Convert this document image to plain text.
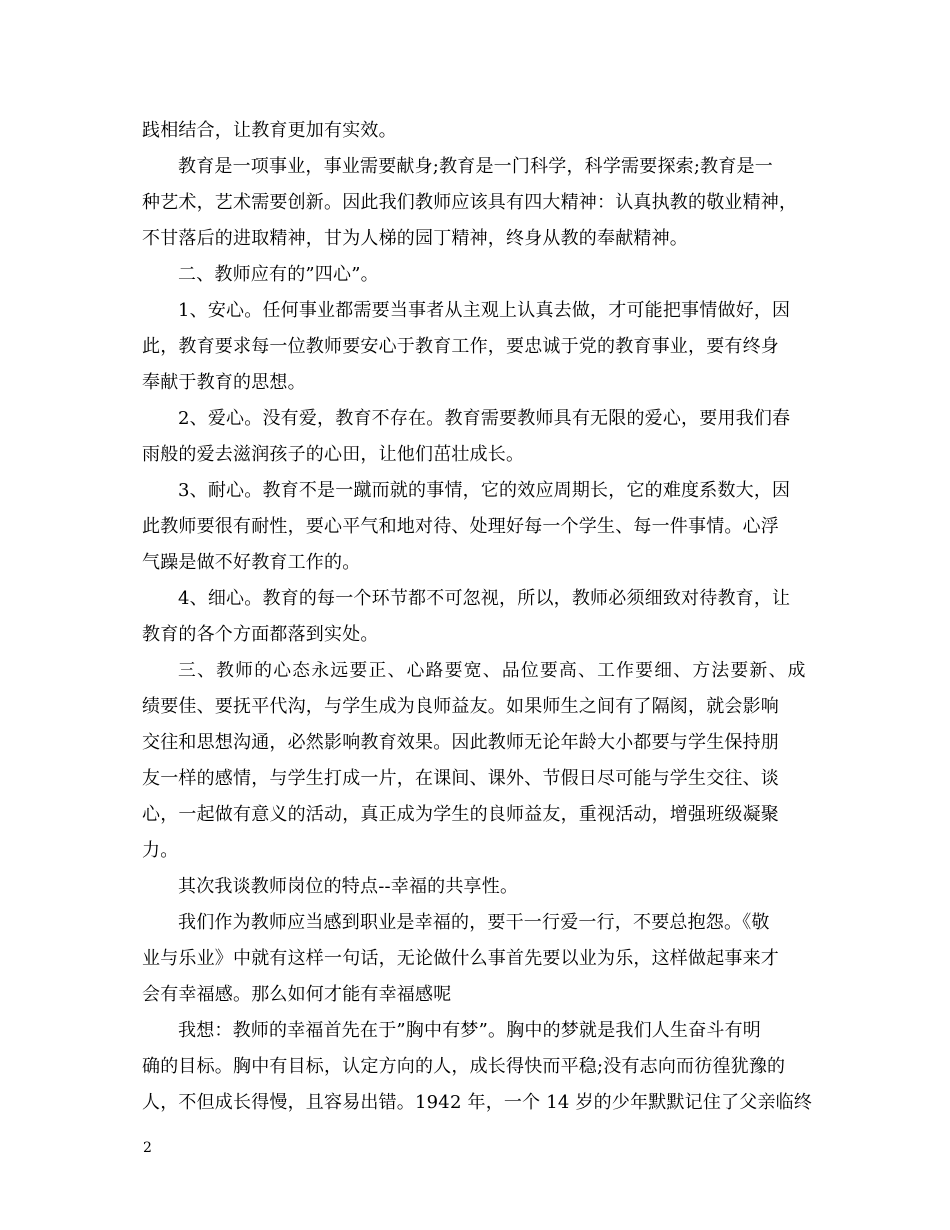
践相结合，让教育更加有实效。
教育是一项事业，事业需要献身;教育是一门科学，科学需要探索;教育是一
种艺术，艺术需要创新。因此我们教师应该具有四大精神：认真执教的敬业精神，
不甘落后的进取精神，甘为人梯的园丁精神，终身从教的奉献精神。
二、教师应有的”四心”。
1、安心。任何事业都需要当事者从主观上认真去做，才可能把事情做好，因
此，教育要求每一位教师要安心于教育工作，要忠诚于党的教育事业，要有终身
奉献于教育的思想。
2、爱心。没有爱，教育不存在。教育需要教师具有无限的爱心，要用我们春
雨般的爱去滋润孩子的心田，让他们茁壮成长。
3、耐心。教育不是一蹴而就的事情，它的效应周期长，它的难度系数大，因
此教师要很有耐性，要心平气和地对待、处理好每一个学生、每一件事情。心浮
气躁是做不好教育工作的。
4、细心。教育的每一个环节都不可忽视，所以，教师必须细致对待教育，让
教育的各个方面都落到实处。
三、教师的心态永远要正、心路要宽、品位要高、工作要细、方法要新、成
绩要佳、要抚平代沟，与学生成为良师益友。如果师生之间有了隔阂，就会影响
交往和思想沟通，必然影响教育效果。因此教师无论年龄大小都要与学生保持朋
友一样的感情，与学生打成一片，在课间、课外、节假日尽可能与学生交往、谈
心，一起做有意义的活动，真正成为学生的良师益友，重视活动，增强班级凝聚
力。
其次我谈教师岗位的特点--幸福的共享性。
我们作为教师应当感到职业是幸福的，要干一行爱一行，不要总抱怨。《敬
业与乐业》中就有这样一句话，无论做什么事首先要以业为乐，这样做起事来才
会有幸福感。那么如何才能有幸福感呢
我想：教师的幸福首先在于”胸中有梦”。胸中的梦就是我们人生奋斗有明
确的目标。胸中有目标，认定方向的人，成长得快而平稳;没有志向而彷徨犹豫的
人，不但成长得慢，且容易出错。1942 年，一个 14 岁的少年默默记住了父亲临终
2
